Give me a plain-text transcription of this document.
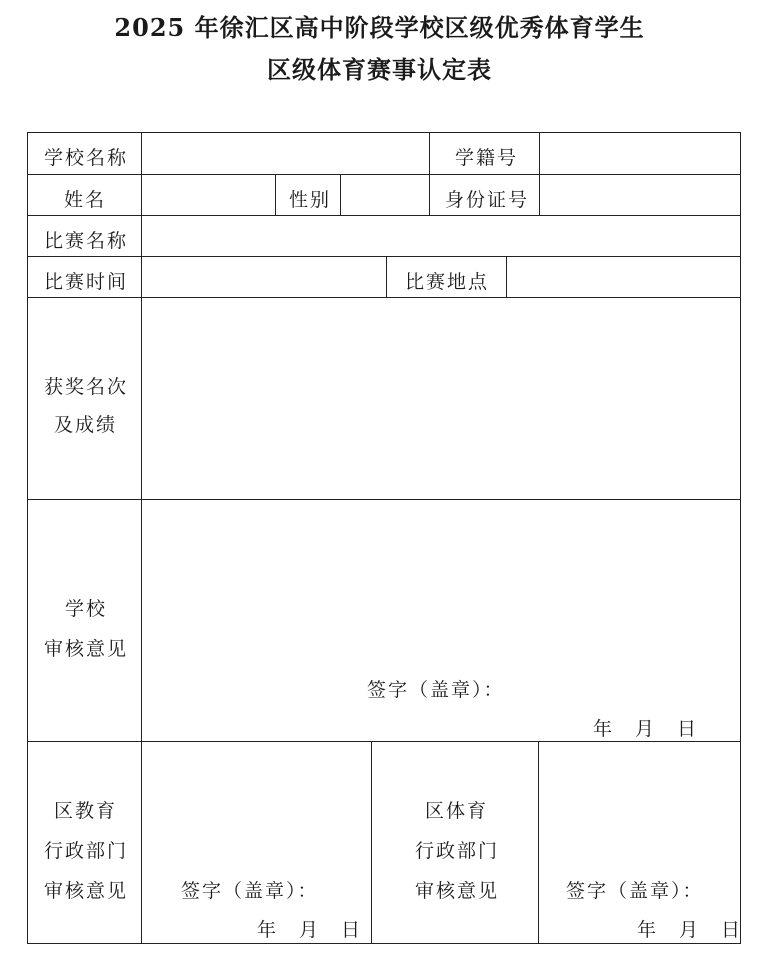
2025 年徐汇区高中阶段学校区级优秀体育学生
区级体育赛事认定表
学校名称	学籍号
姓名	性别	身份证号
比赛名称
比赛时间	比赛地点
获奖名次
及成绩
学校
审核意见
签字（盖章）：
年　月　日
区教育
行政部门
审核意见	签字（盖章）：
年　月　日
区体育
行政部门
审核意见	签字（盖章）：
年　月　日
